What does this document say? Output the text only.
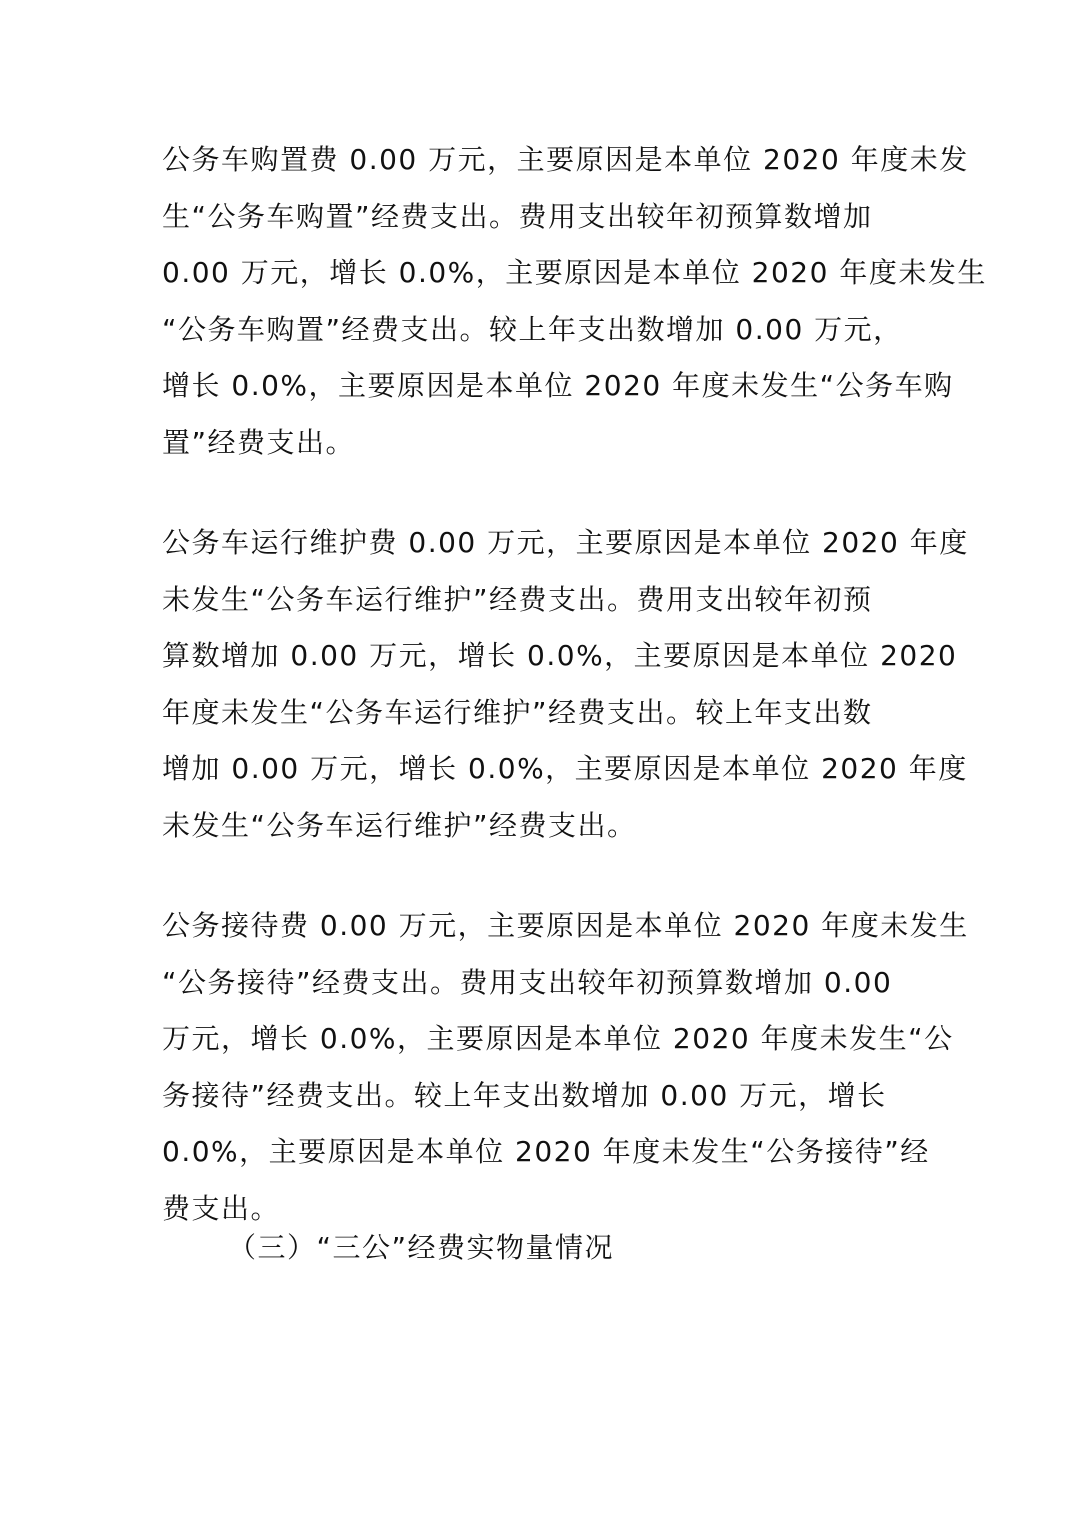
公务车购置费 0.00 万元，主要原因是本单位 2020 年度未发
生“公务车购置”经费支出。费用支出较年初预算数增加
0.00 万元，增长 0.0%，主要原因是本单位 2020 年度未发生
“公务车购置”经费支出。较上年支出数增加 0.00 万元，
增长 0.0%，主要原因是本单位 2020 年度未发生“公务车购
置”经费支出。
公务车运行维护费 0.00 万元，主要原因是本单位 2020 年度
未发生“公务车运行维护”经费支出。费用支出较年初预
算数增加 0.00 万元，增长 0.0%，主要原因是本单位 2020
年度未发生“公务车运行维护”经费支出。较上年支出数
增加 0.00 万元，增长 0.0%，主要原因是本单位 2020 年度
未发生“公务车运行维护”经费支出。
公务接待费 0.00 万元，主要原因是本单位 2020 年度未发生
“公务接待”经费支出。费用支出较年初预算数增加 0.00
万元，增长 0.0%，主要原因是本单位 2020 年度未发生“公
务接待”经费支出。较上年支出数增加 0.00 万元，增长
0.0%，主要原因是本单位 2020 年度未发生“公务接待”经
费支出。
（三）“三公”经费实物量情况
